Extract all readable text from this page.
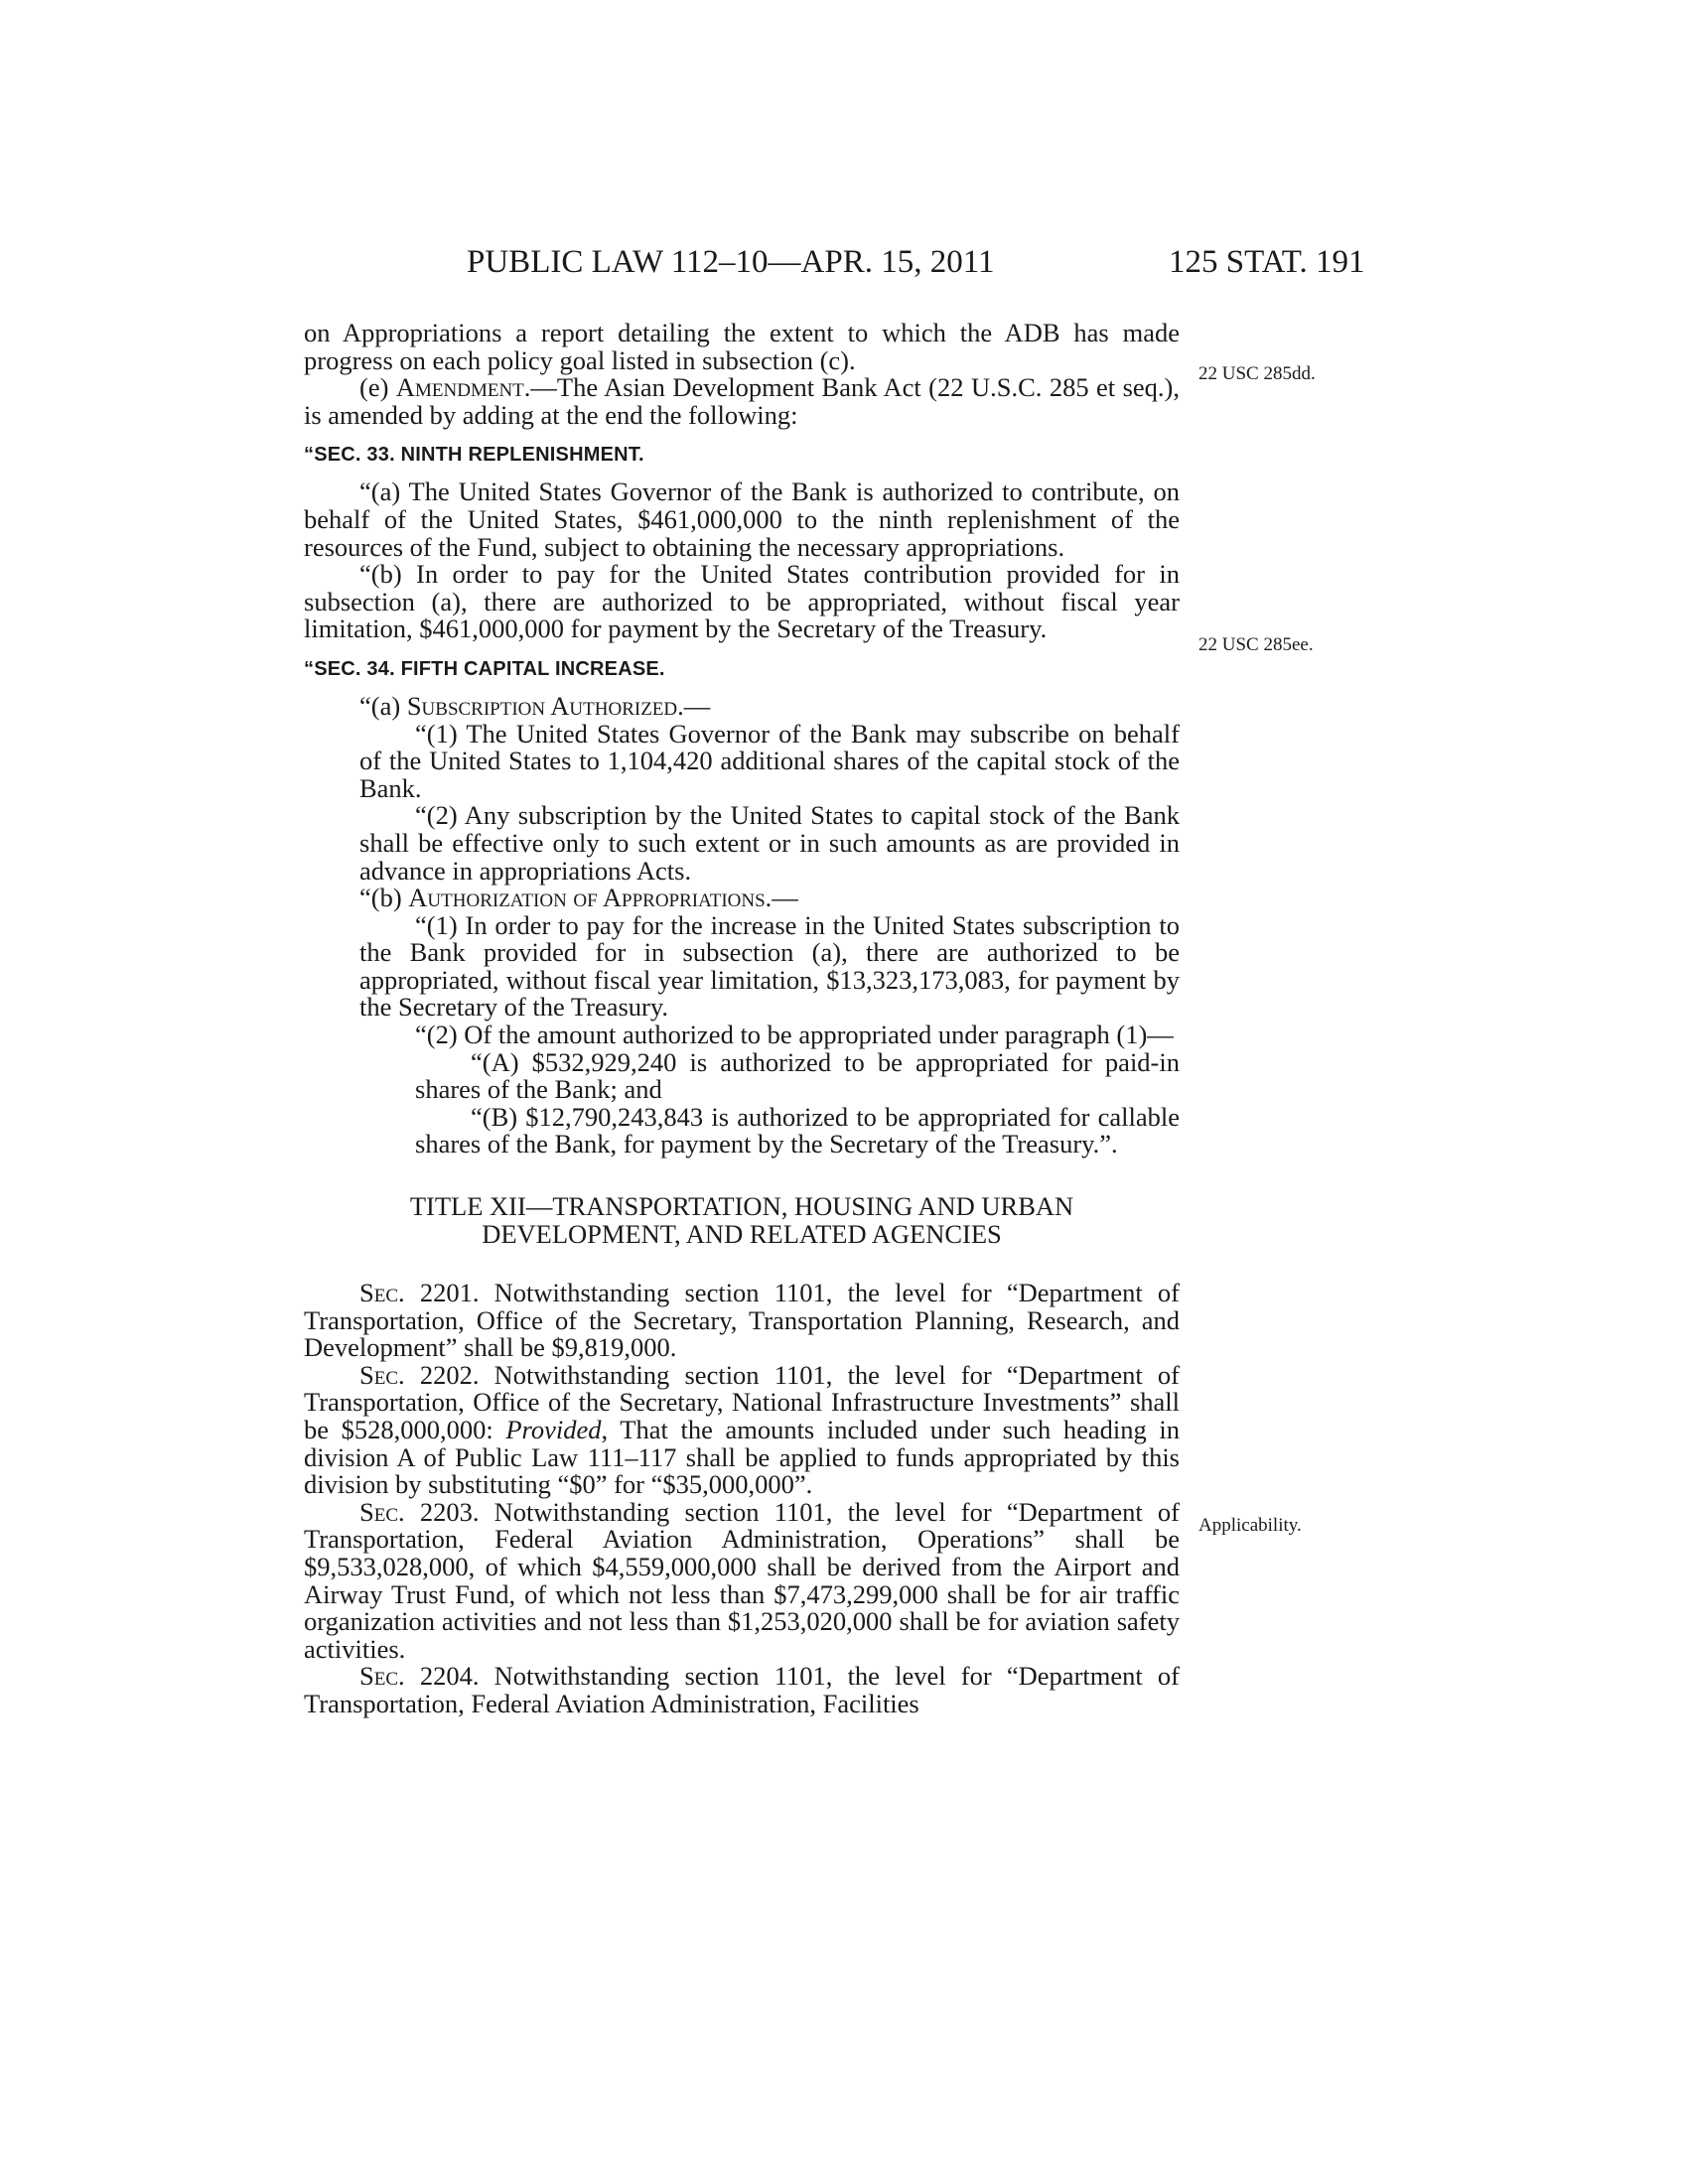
PUBLIC LAW 112–10—APR. 15, 2011	125 STAT. 191
22 USC 285dd.
22 USC 285ee.
Applicability.

on Appropriations a report detailing the extent to which the ADB has made progress on each policy goal listed in subsection (c).

(e) Amendment.—The Asian Development Bank Act (22 U.S.C. 285 et seq.), is amended by adding at the end the following:

“SEC. 33. NINTH REPLENISHMENT.

“(a) The United States Governor of the Bank is authorized to contribute, on behalf of the United States, $461,000,000 to the ninth replenishment of the resources of the Fund, subject to obtaining the necessary appropriations.

“(b) In order to pay for the United States contribution provided for in subsection (a), there are authorized to be appropriated, without fiscal year limitation, $461,000,000 for payment by the Secretary of the Treasury.

“SEC. 34. FIFTH CAPITAL INCREASE.

“(a) Subscription Authorized.—

“(1) The United States Governor of the Bank may subscribe on behalf of the United States to 1,104,420 additional shares of the capital stock of the Bank.

“(2) Any subscription by the United States to capital stock of the Bank shall be effective only to such extent or in such amounts as are provided in advance in appropriations Acts.

“(b) Authorization of Appropriations.—

“(1) In order to pay for the increase in the United States subscription to the Bank provided for in subsection (a), there are authorized to be appropriated, without fiscal year limitation, $13,323,173,083, for payment by the Secretary of the Treasury.

“(2) Of the amount authorized to be appropriated under paragraph (1)—

“(A) $532,929,240 is authorized to be appropriated for paid-in shares of the Bank; and

“(B) $12,790,243,843 is authorized to be appropriated for callable shares of the Bank, for payment by the Secretary of the Treasury.”.

TITLE XII—TRANSPORTATION, HOUSING AND URBAN
DEVELOPMENT, AND RELATED AGENCIES

Sec. 2201. Notwithstanding section 1101, the level for “Department of Transportation, Office of the Secretary, Transportation Planning, Research, and Development” shall be $9,819,000.

Sec. 2202. Notwithstanding section 1101, the level for “Department of Transportation, Office of the Secretary, National Infrastructure Investments” shall be $528,000,000: Provided, That the amounts included under such heading in division A of Public Law 111–117 shall be applied to funds appropriated by this division by substituting “$0” for “$35,000,000”.

Sec. 2203. Notwithstanding section 1101, the level for “Department of Transportation, Federal Aviation Administration, Operations” shall be $9,533,028,000, of which $4,559,000,000 shall be derived from the Airport and Airway Trust Fund, of which not less than $7,473,299,000 shall be for air traffic organization activities and not less than $1,253,020,000 shall be for aviation safety activities.

Sec. 2204. Notwithstanding section 1101, the level for “Department of Transportation, Federal Aviation Administration, Facilities
